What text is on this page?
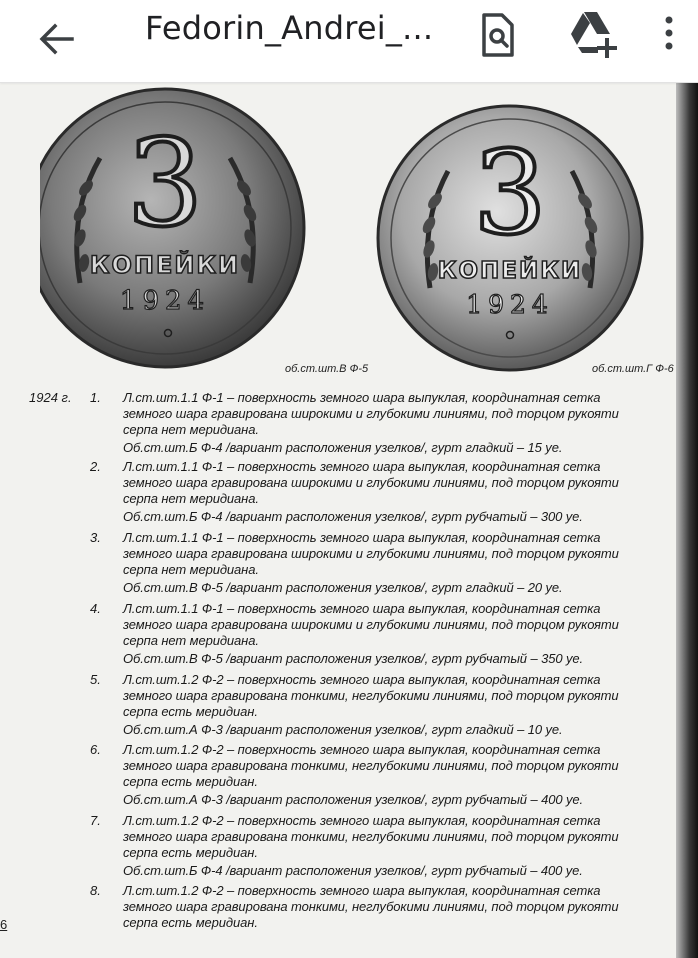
Fedorin_Andrei_...
3
КОПЕЙКИ
1924
3
КОПЕЙКИ
1924
об.ст.шт.В Ф-5	об.ст.шт.Г Ф-6
1924 г. 1. Л.ст.шт.1.1 Ф-1 – поверхность земного шара выпуклая, координатная сетка
земного шара гравирована широкими и глубокими линиями, под торцом рукояти
серпа нет меридиана.
Об.ст.шт.Б Ф-4 /вариант расположения узелков/, гурт гладкий – 15 уе.
2. Л.ст.шт.1.1 Ф-1 – поверхность земного шара выпуклая, координатная сетка
земного шара гравирована широкими и глубокими линиями, под торцом рукояти
серпа нет меридиана.
Об.ст.шт.Б Ф-4 /вариант расположения узелков/, гурт рубчатый – 300 уе.
3. Л.ст.шт.1.1 Ф-1 – поверхность земного шара выпуклая, координатная сетка
земного шара гравирована широкими и глубокими линиями, под торцом рукояти
серпа нет меридиана.
Об.ст.шт.В Ф-5 /вариант расположения узелков/, гурт гладкий – 20 уе.
4. Л.ст.шт.1.1 Ф-1 – поверхность земного шара выпуклая, координатная сетка
земного шара гравирована широкими и глубокими линиями, под торцом рукояти
серпа нет меридиана.
Об.ст.шт.В Ф-5 /вариант расположения узелков/, гурт рубчатый – 350 уе.
5. Л.ст.шт.1.2 Ф-2 – поверхность земного шара выпуклая, координатная сетка
земного шара гравирована тонкими, неглубокими линиями, под торцом рукояти
серпа есть меридиан.
Об.ст.шт.А Ф-3 /вариант расположения узелков/, гурт гладкий – 10 уе.
6. Л.ст.шт.1.2 Ф-2 – поверхность земного шара выпуклая, координатная сетка
земного шара гравирована тонкими, неглубокими линиями, под торцом рукояти
серпа есть меридиан.
Об.ст.шт.А Ф-3 /вариант расположения узелков/, гурт рубчатый – 400 уе.
7. Л.ст.шт.1.2 Ф-2 – поверхность земного шара выпуклая, координатная сетка
земного шара гравирована тонкими, неглубокими линиями, под торцом рукояти
серпа есть меридиан.
Об.ст.шт.Б Ф-4 /вариант расположения узелков/, гурт рубчатый – 400 уе.
8. Л.ст.шт.1.2 Ф-2 – поверхность земного шара выпуклая, координатная сетка
земного шара гравирована тонкими, неглубокими линиями, под торцом рукояти
серпа есть меридиан.
6
